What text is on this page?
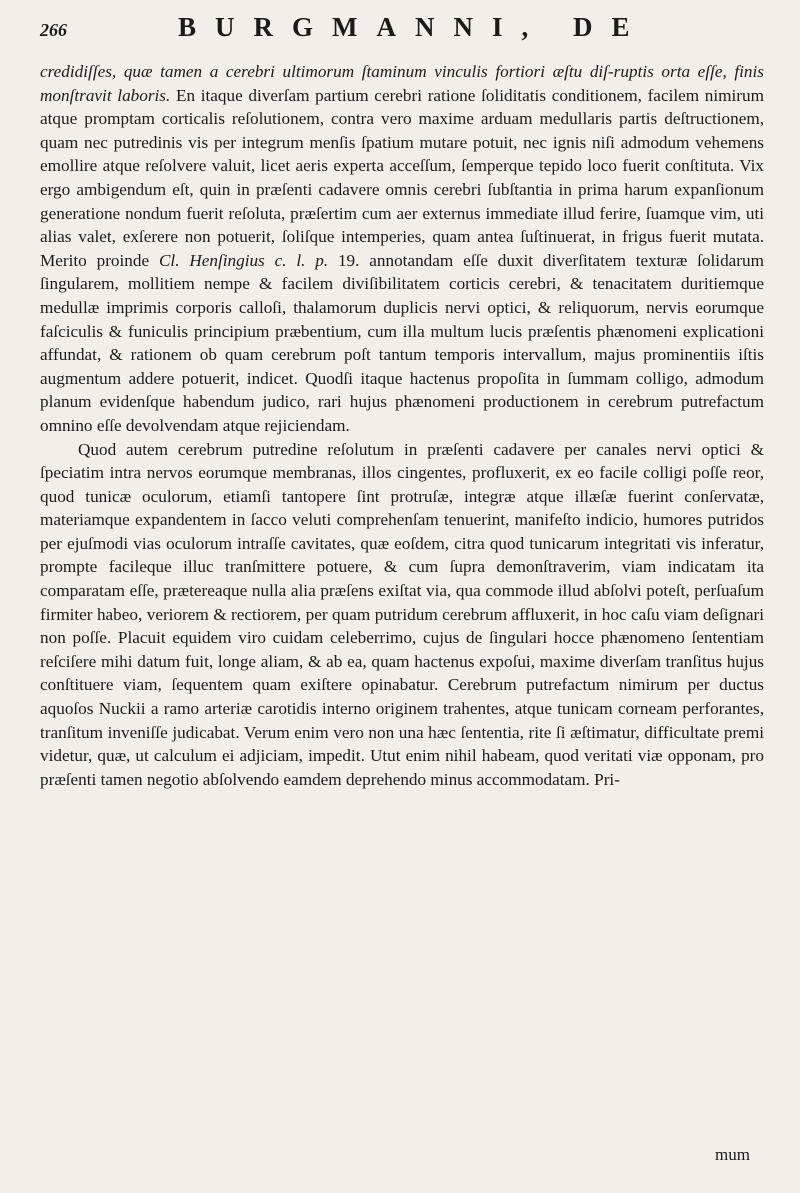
266	BURGMANNI, DE

credidiſſes, quæ tamen a cerebri ultimorum ſtaminum vinculis fortiori æſtu diſ-ruptis orta eſſe, finis monſtravit laboris. En itaque diverſam partium cerebri ratione ſoliditatis conditionem, facilem nimirum atque promptam corticalis reſolutionem, contra vero maxime arduam medullaris partis deſtructionem, quam nec putredinis vis per integrum menſis ſpatium mutare potuit, nec ignis niſi admodum vehemens emollire atque reſolvere valuit, licet aeris experta acceſſum, ſemperque tepido loco fuerit conſtituta. Vix ergo ambigendum eſt, quin in præſenti cadavere omnis cerebri ſubſtantia in prima harum expanſionum generatione nondum fuerit reſoluta, præſertim cum aer externus immediate illud ferire, ſuamque vim, uti alias valet, exſerere non potuerit, ſoliſque intemperies, quam antea ſuſtinuerat, in frigus fuerit mutata. Merito proinde Cl. Henſingius c. l. p. 19. annotandam eſſe duxit diverſitatem texturæ ſolidarum ſingularem, mollitiem nempe & facilem diviſibilitatem corticis cerebri, & tenacitatem duritiemque medullæ imprimis corporis calloſi, thalamorum duplicis nervi optici, & reliquorum, nervis eorumque faſciculis & funiculis principium præbentium, cum illa multum lucis præſentis phænomeni explicationi affundat, & rationem ob quam cerebrum poſt tantum temporis intervallum, majus prominentiis iſtis augmentum addere potuerit, indicet. Quodſi itaque hactenus propoſita in ſummam colligo, admodum planum evidenſque habendum judico, rari hujus phænomeni productionem in cerebrum putrefactum omnino eſſe devolvendam atque rejiciendam.

Quod autem cerebrum putredine reſolutum in præſenti cadavere per canales nervi optici & ſpeciatim intra nervos eorumque membranas, illos cingentes, profluxerit, ex eo facile colligi poſſe reor, quod tunicæ oculorum, etiamſi tantopere ſint protruſæ, integræ atque illæſæ fuerint conſervatæ, materiamque expandentem in ſacco veluti comprehenſam tenuerint, manifeſto indicio, humores putridos per ejuſmodi vias oculorum intraſſe cavitates, quæ eoſdem, citra quod tunicarum integritati vis inferatur, prompte facileque illuc tranſmittere potuere, & cum ſupra demonſtraverim, viam indicatam ita comparatam eſſe, prætereaque nulla alia præſens exiſtat via, qua commode illud abſolvi poteſt, perſuaſum firmiter habeo, veriorem & rectiorem, per quam putridum cerebrum affluxerit, in hoc caſu viam deſignari non poſſe. Placuit equidem viro cuidam celeberrimo, cujus de ſingulari hocce phænomeno ſententiam reſciſere mihi datum fuit, longe aliam, & ab ea, quam hactenus expoſui, maxime diverſam tranſitus hujus conſtituere viam, ſequentem quam exiſtere opinabatur. Cerebrum putrefactum nimirum per ductus aquoſos Nuckii a ramo arteriæ carotidis interno originem trahentes, atque tunicam corneam perforantes, tranſitum inveniſſe judicabat. Verum enim vero non una hæc ſententia, rite ſi æſtimatur, difficultate premi videtur, quæ, ut calculum ei adjiciam, impedit. Utut enim nihil habeam, quod veritati viæ opponam, pro præſenti tamen negotio abſolvendo eamdem deprehendo minus accommodatam. Pri-

mum
